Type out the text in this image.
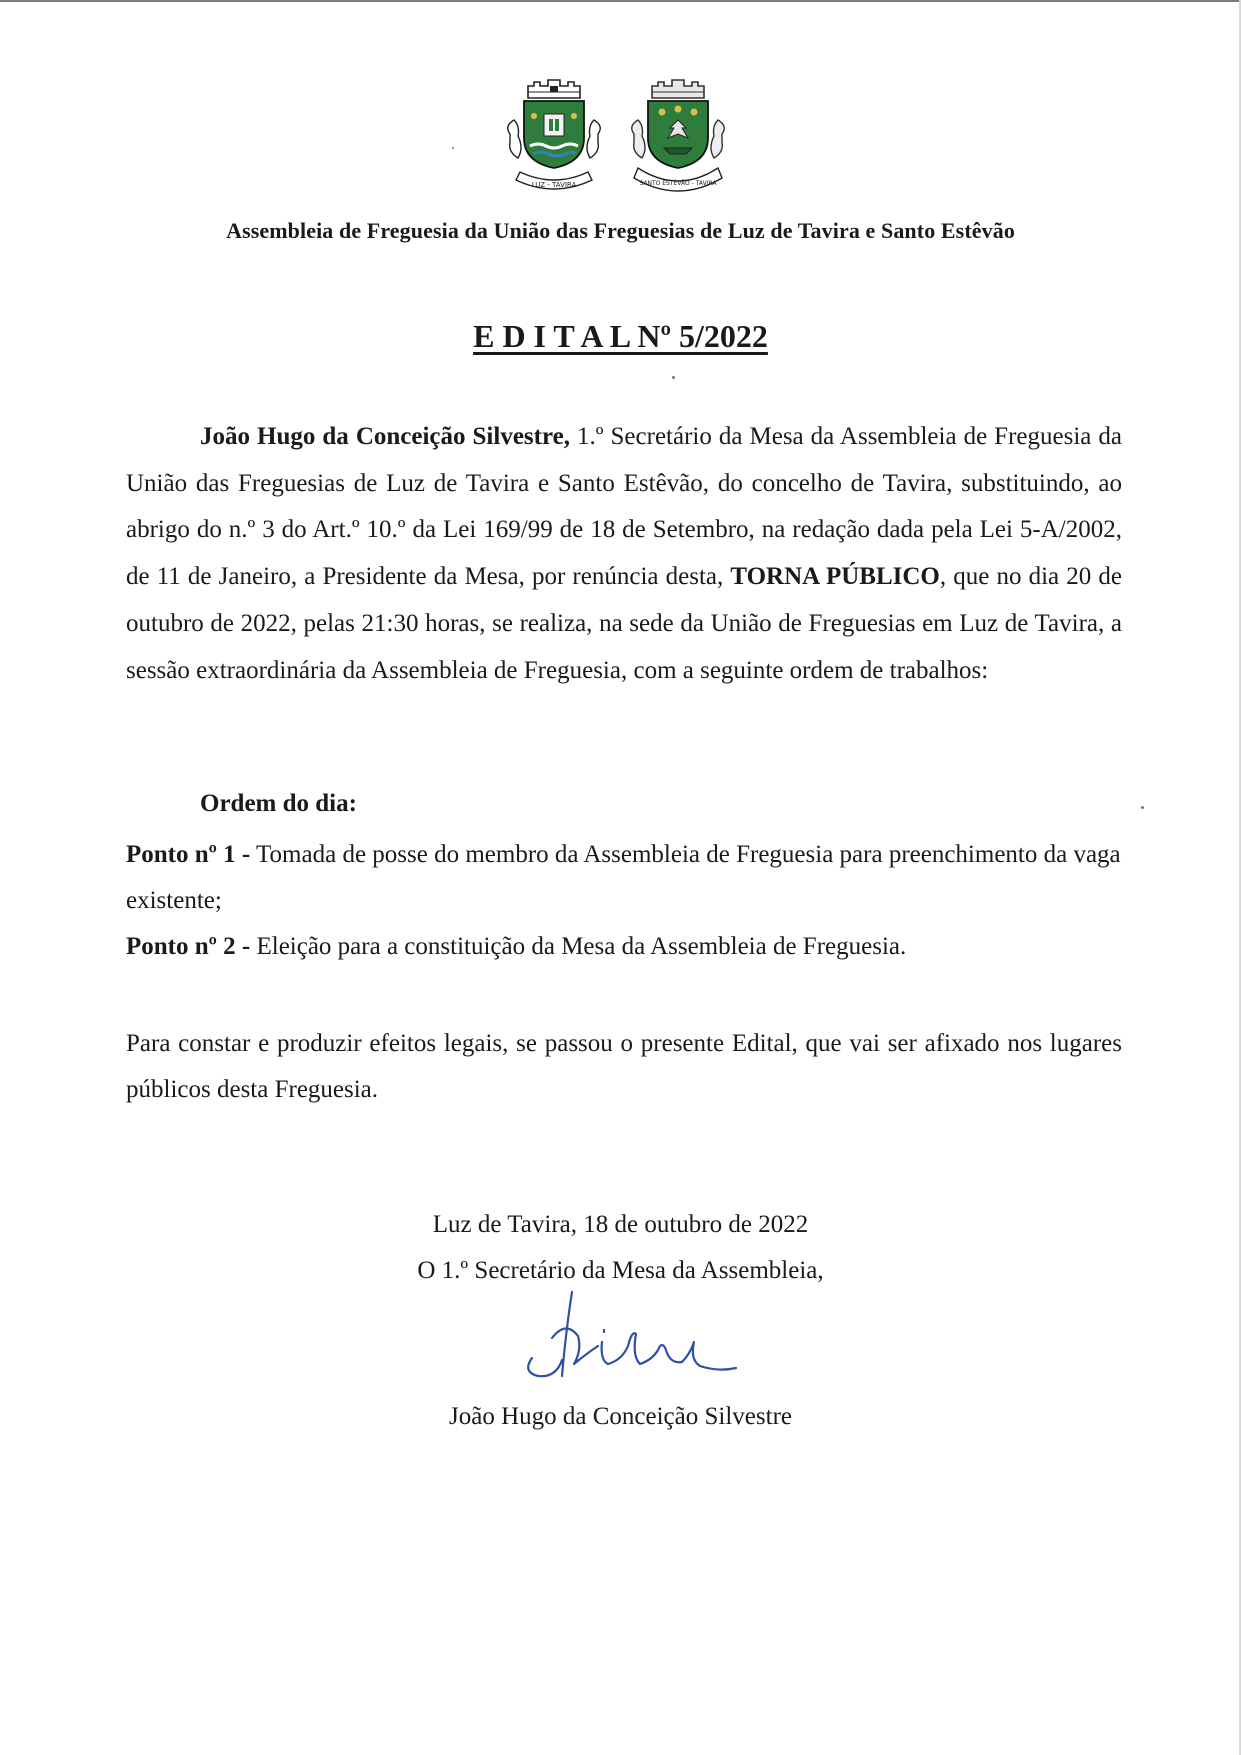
LUZ - TAVIRA	SANTO ESTÊVÃO - TAVIRA
Assembleia de Freguesia da União das Freguesias de Luz de Tavira e Santo Estêvão
E D I T A L Nº 5/2022

João Hugo da Conceição Silvestre, 1.º Secretário da Mesa da Assembleia de Freguesia da União das Freguesias de Luz de Tavira e Santo Estêvão, do concelho de Tavira, substituindo, ao abrigo do n.º 3 do Art.º 10.º da Lei 169/99 de 18 de Setembro, na redação dada pela Lei 5-A/2002, de 11 de Janeiro, a Presidente da Mesa, por renúncia desta, TORNA PÚBLICO, que no dia 20 de outubro de 2022, pelas 21:30 horas, se realiza, na sede da União de Freguesias em Luz de Tavira, a sessão extraordinária da Assembleia de Freguesia, com a seguinte ordem de trabalhos:

Ordem do dia:
Ponto nº 1 - Tomada de posse do membro da Assembleia de Freguesia para preenchimento da vaga existente;
Ponto nº 2 - Eleição para a constituição da Mesa da Assembleia de Freguesia.

Para constar e produzir efeitos legais, se passou o presente Edital, que vai ser afixado nos lugares públicos desta Freguesia.

Luz de Tavira, 18 de outubro de 2022
O 1.º Secretário da Mesa da Assembleia,
João Hugo da Conceição Silvestre
